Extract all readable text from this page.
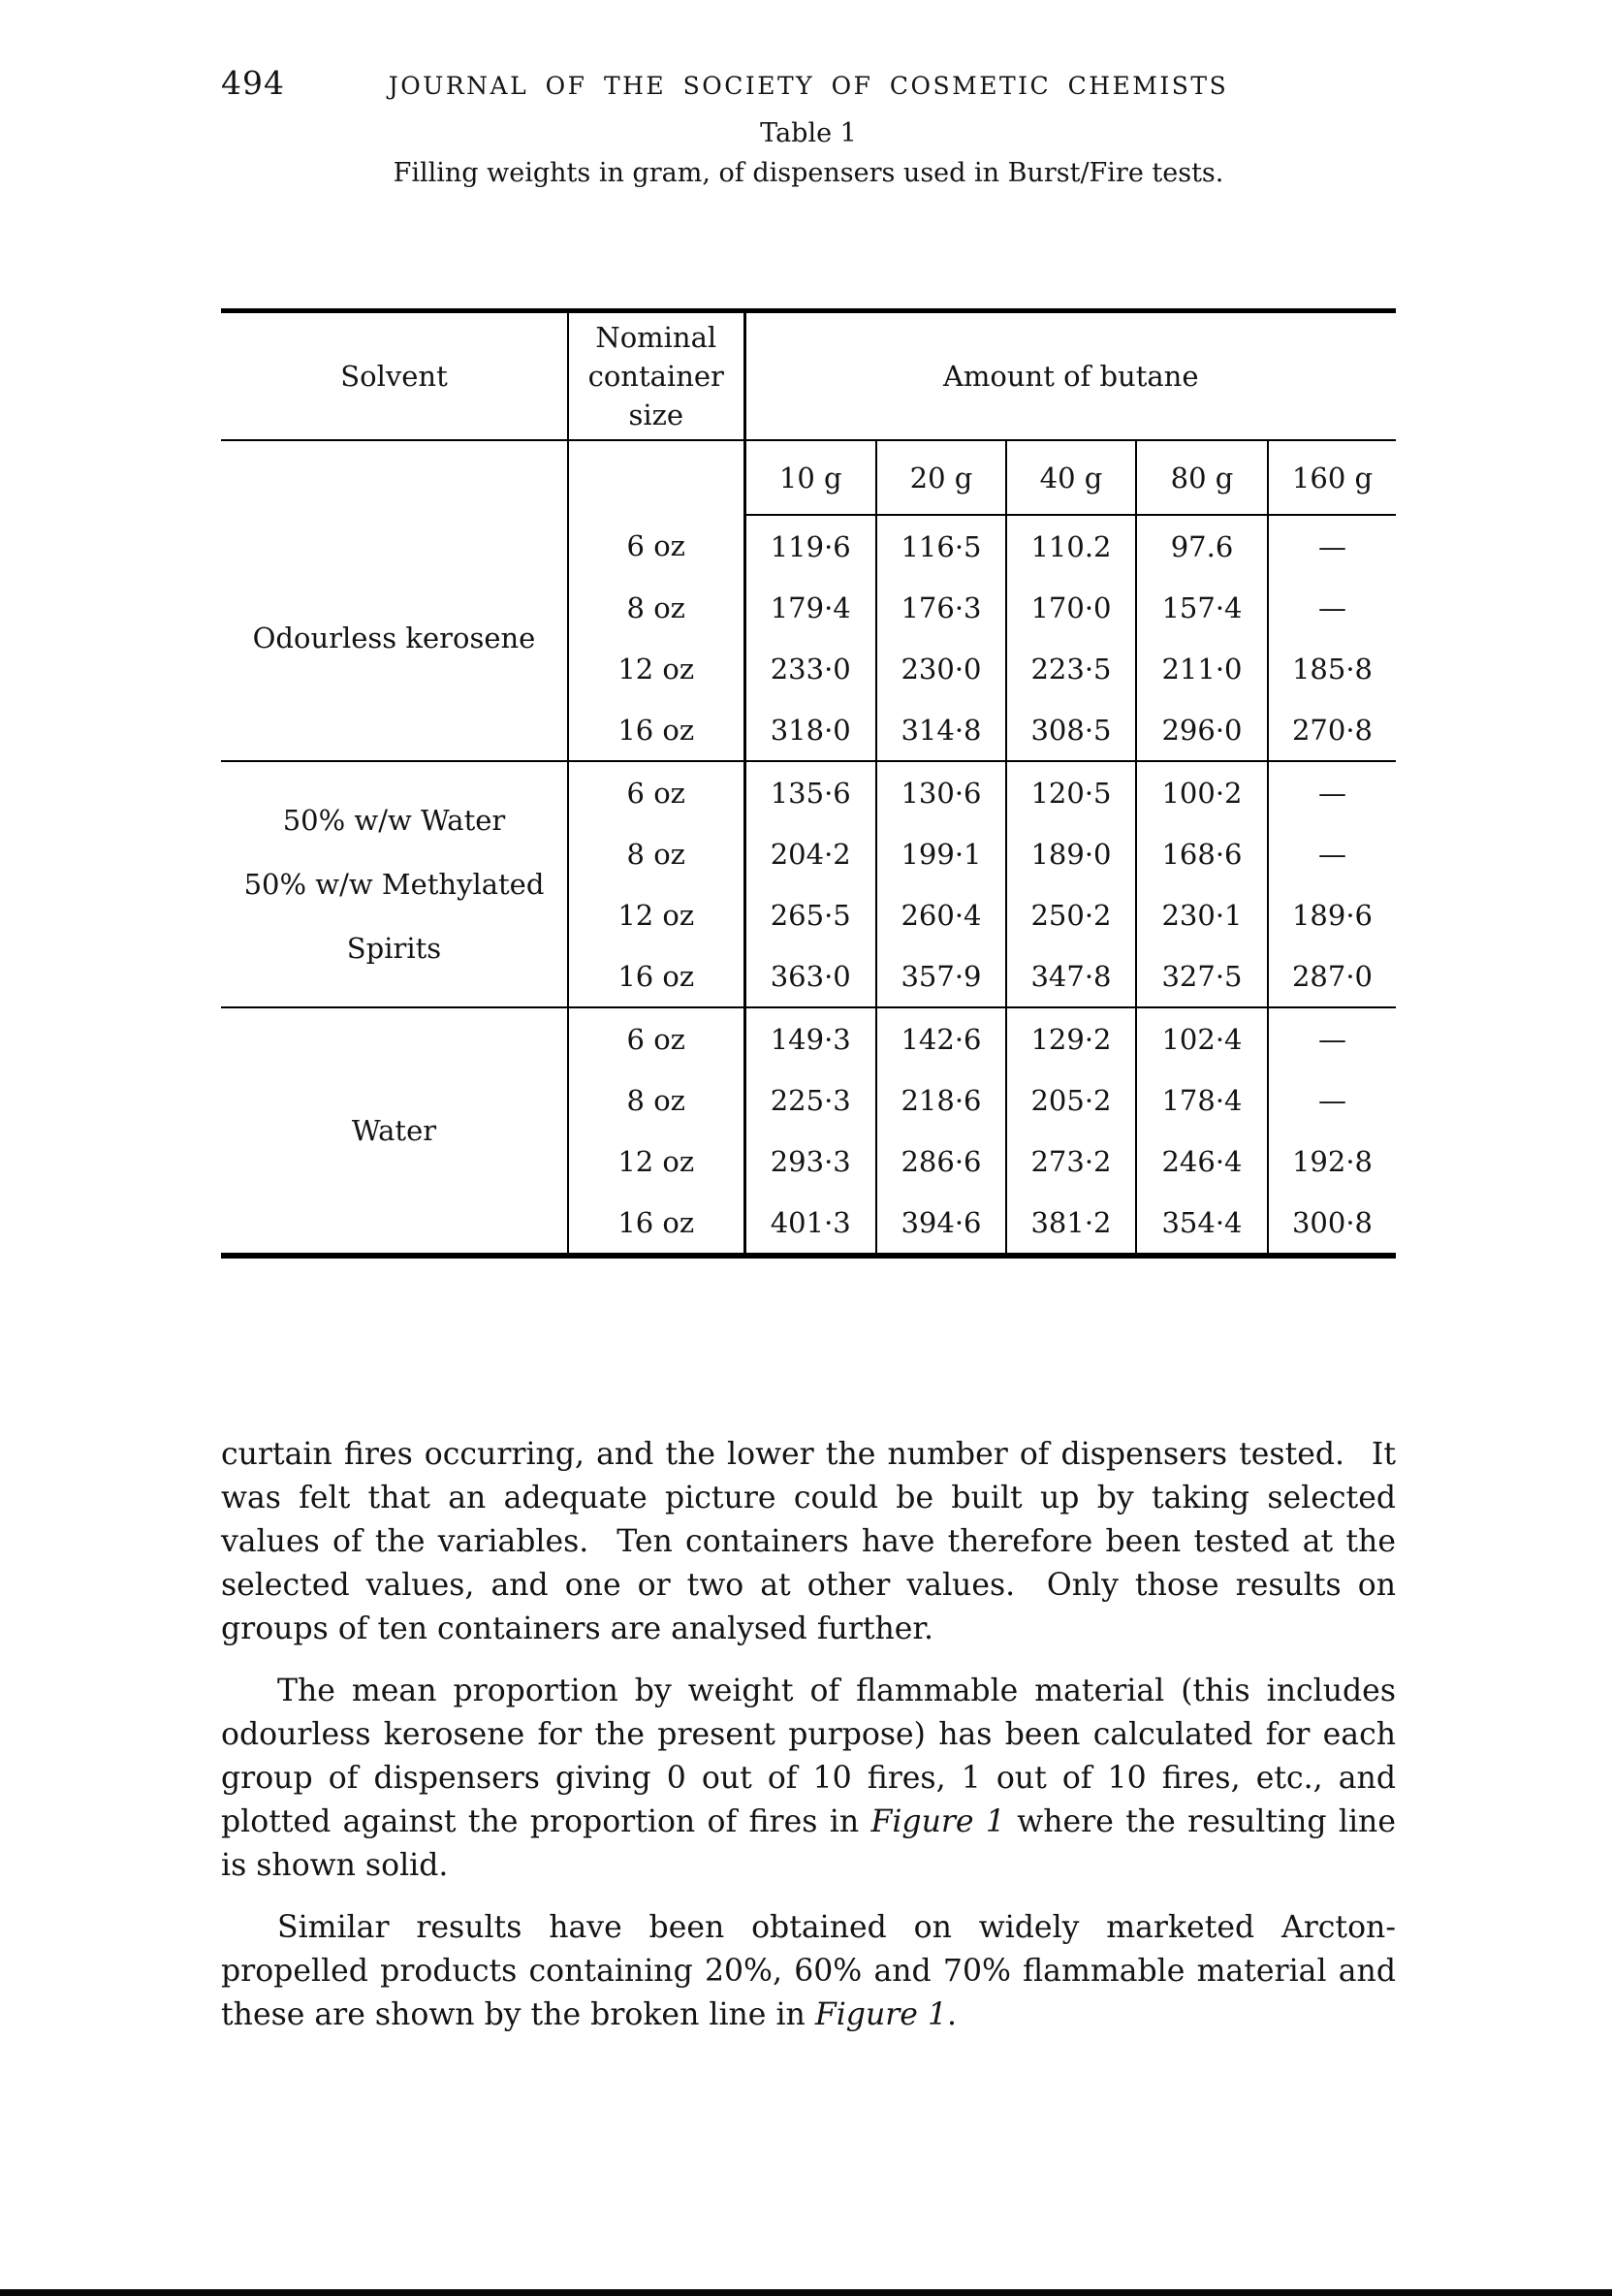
494	JOURNAL OF THE SOCIETY OF COSMETIC CHEMISTS
Table 1
Filling weights in gram, of dispensers used in Burst/Fire tests.
Solvent	Nominal container size	Amount of butane				
		10 g	20 g	40 g	80 g	160 g

Odourless kerosene	6 oz	119·6	116·5	110.2	97.6	—
	8 oz	179·4	176·3	170·0	157·4	—
	12 oz	233·0	230·0	223·5	211·0	185·8
	16 oz	318·0	314·8	308·5	296·0	270·8

50% w/w Water
50% w/w Methylated
Spirits	6 oz	135·6	130·6	120·5	100·2	—
	8 oz	204·2	199·1	189·0	168·6	—
	12 oz	265·5	260·4	250·2	230·1	189·6
	16 oz	363·0	357·9	347·8	327·5	287·0

Water	6 oz	149·3	142·6	129·2	102·4	—
	8 oz	225·3	218·6	205·2	178·4	—
	12 oz	293·3	286·6	273·2	246·4	192·8
	16 oz	401·3	394·6	381·2	354·4	300·8

curtain fires occurring, and the lower the number of dispensers tested.  It was felt that an adequate picture could be built up by taking selected values of the variables.  Ten containers have therefore been tested at the selected values, and one or two at other values.  Only those results on groups of ten containers are analysed further.

The mean proportion by weight of flammable material (this includes odourless kerosene for the present purpose) has been calculated for each group of dispensers giving 0 out of 10 fires, 1 out of 10 fires, etc., and plotted against the proportion of fires in Figure 1 where the resulting line is shown solid.

Similar results have been obtained on widely marketed Arcton-propelled products containing 20%, 60% and 70% flammable material and these are shown by the broken line in Figure 1.
